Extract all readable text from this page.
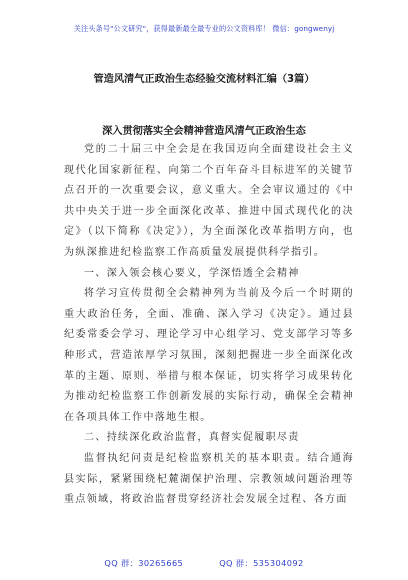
关注头条号"公文研究"，获得最新最全最专业的公文资料库！ 微信：gongwenyj
管造风清气正政治生态经验交流材料汇编（3篇）
深入贯彻落实全会精神营造风清气正政治生态

党的二十届三中全会是在我国迈向全面建设社会主义现代化国家新征程、向第二个百年奋斗目标进军的关键节点召开的一次重要会议，意义重大。全会审议通过的《中共中央关于进一步全面深化改革、推进中国式现代化的决定》（以下简称《决定》），为全面深化改革指明方向，也为纵深推进纪检监察工作高质量发展提供科学指引。

一、深入领会核心要义，学深悟透全会精神

将学习宣传贯彻全会精神列为当前及今后一个时期的重大政治任务，全面、准确、深入学习《决定》。通过县纪委常委会学习、理论学习中心组学习、党支部学习等多种形式，营造浓厚学习氛围，深刻把握进一步全面深化改革的主题、原则、举措与根本保证，切实将学习成果转化为推动纪检监察工作创新发展的实际行动，确保全会精神在各项具体工作中落地生根。

二、持续深化政治监督，真督实促履职尽责

监督执纪问责是纪检监察机关的基本职责。结合通海县实际，紧紧围绕杞麓湖保护治理、宗教领域问题治理等重点领域，将政治监督贯穿经济社会发展全过程、各方面

QQ 群：30265665	QQ 群：535304092
